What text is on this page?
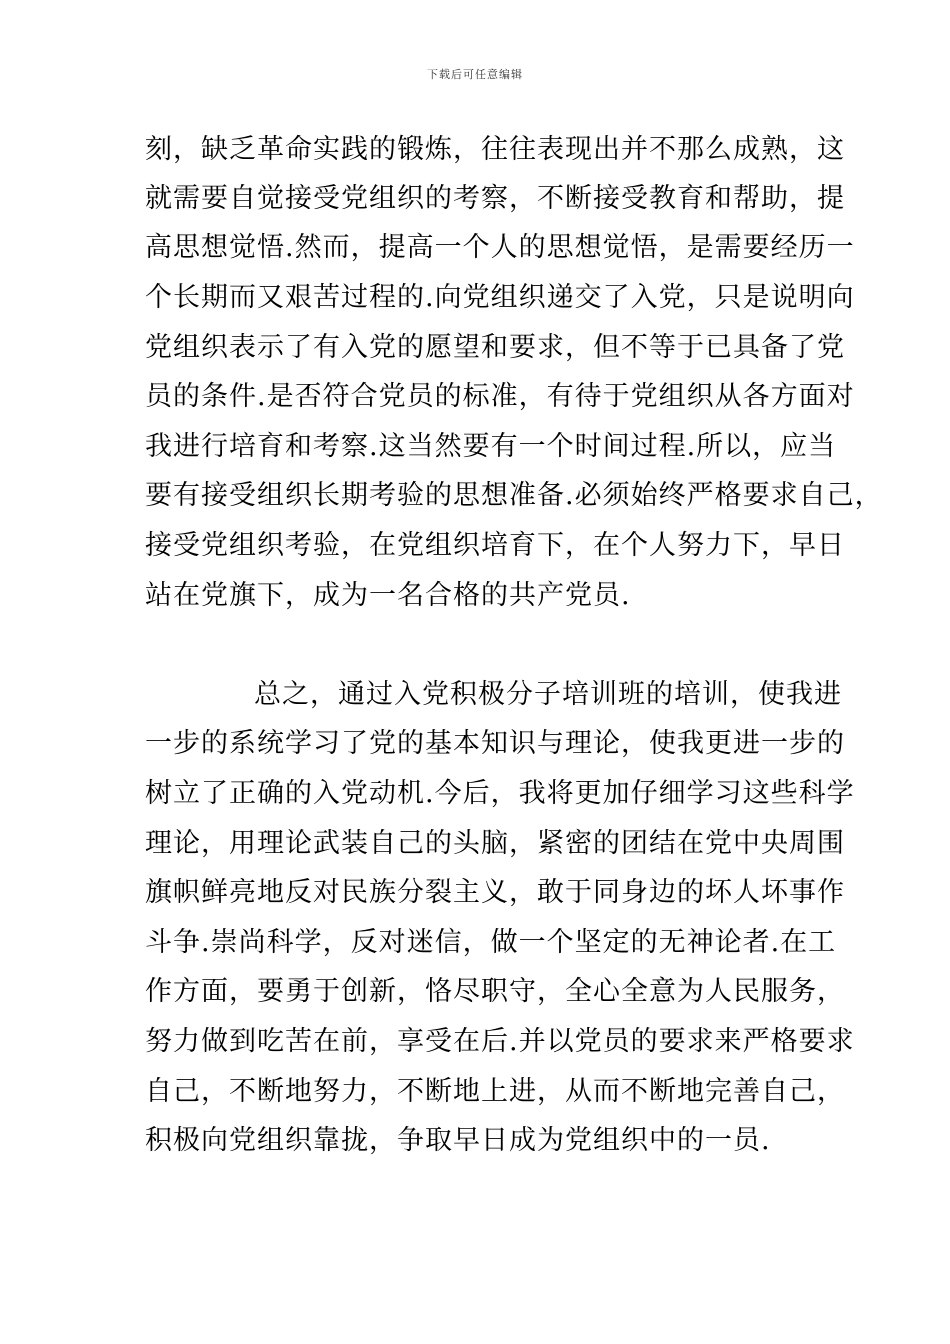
下载后可任意编辑
刻，缺乏革命实践的锻炼，往往表现出并不那么成熟，这
就需要自觉接受党组织的考察，不断接受教育和帮助，提
高思想觉悟.然而，提高一个人的思想觉悟，是需要经历一
个长期而又艰苦过程的.向党组织递交了入党，只是说明向
党组织表示了有入党的愿望和要求，但不等于已具备了党
员的条件.是否符合党员的标准，有待于党组织从各方面对
我进行培育和考察.这当然要有一个时间过程.所以，应当
要有接受组织长期考验的思想准备.必须始终严格要求自己，
接受党组织考验，在党组织培育下，在个人努力下，早日
站在党旗下，成为一名合格的共产党员.
总之，通过入党积极分子培训班的培训，使我进
一步的系统学习了党的基本知识与理论，使我更进一步的
树立了正确的入党动机.今后，我将更加仔细学习这些科学
理论，用理论武装自己的头脑，紧密的团结在党中央周围
旗帜鲜亮地反对民族分裂主义，敢于同身边的坏人坏事作
斗争.崇尚科学，反对迷信，做一个坚定的无神论者.在工
作方面，要勇于创新，恪尽职守，全心全意为人民服务，
努力做到吃苦在前，享受在后.并以党员的要求来严格要求
自己，不断地努力，不断地上进，从而不断地完善自己，
积极向党组织靠拢，争取早日成为党组织中的一员.
